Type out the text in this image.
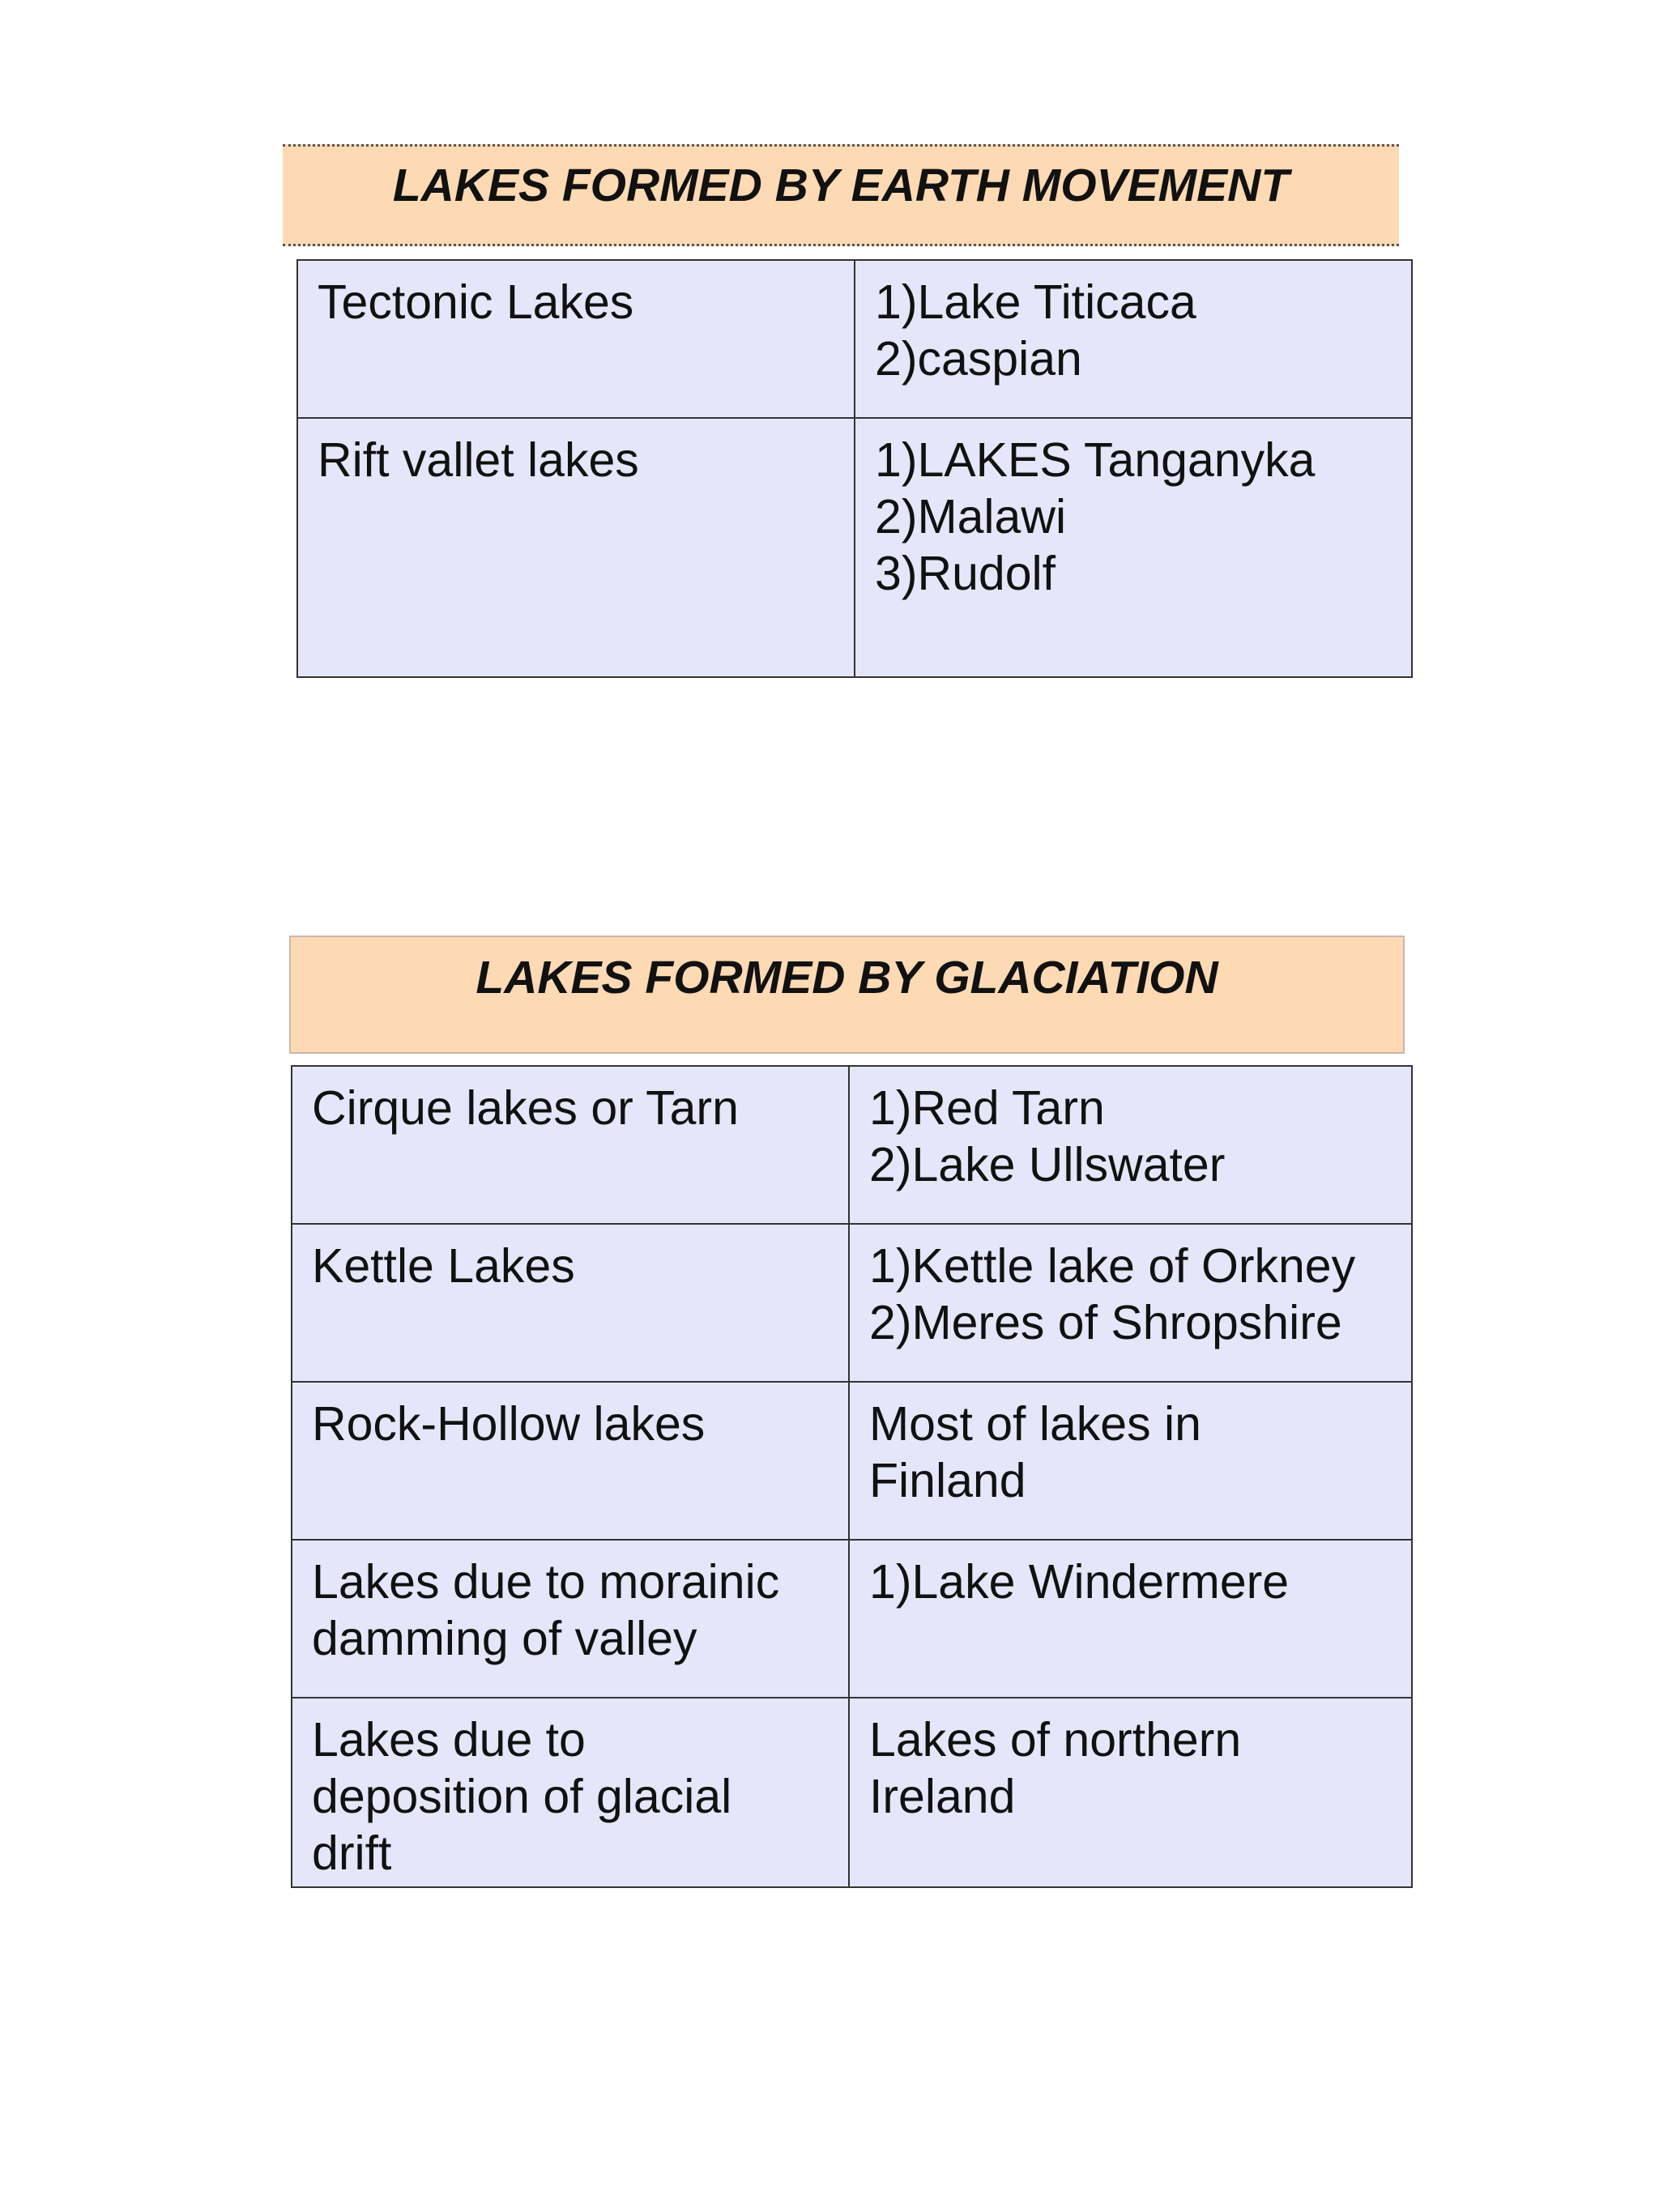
LAKES FORMED BY EARTH MOVEMENT
Tectonic Lakes	1)Lake Titicaca
2)caspian

Rift vallet lakes	1)LAKES Tanganyka
2)Malawi
3)Rudolf
LAKES FORMED BY GLACIATION
Cirque lakes or Tarn	1)Red Tarn
2)Lake Ullswater

Kettle Lakes	1)Kettle lake of Orkney
2)Meres of Shropshire

Rock-Hollow lakes	Most of lakes in
Finland

Lakes due to morainic
damming of valley	1)Lake Windermere

Lakes due to
deposition of glacial
drift	Lakes of northern
Ireland
